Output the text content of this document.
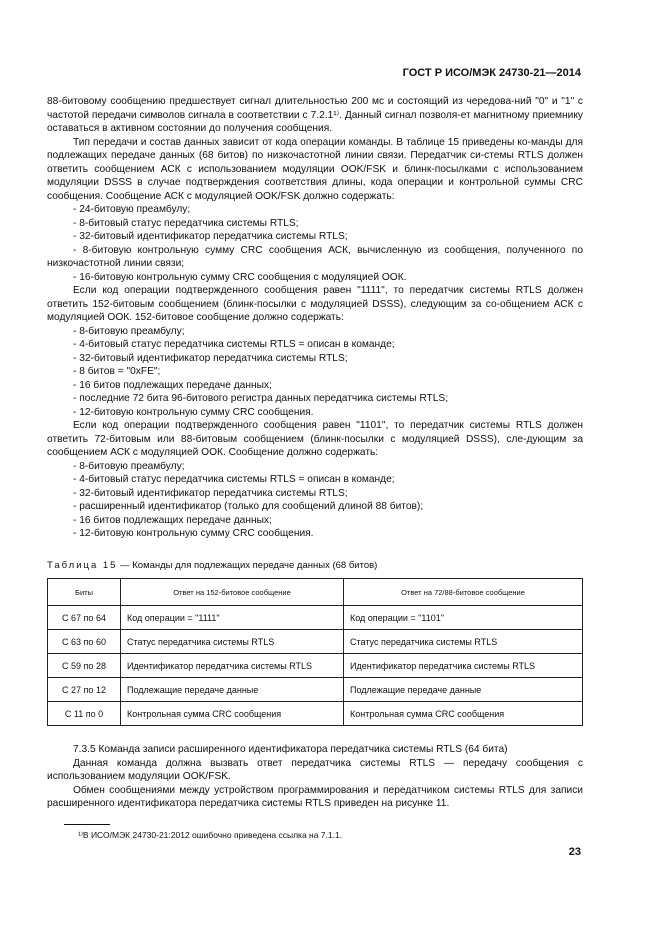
ГОСТ Р ИСО/МЭК 24730-21—2014

88-битовому сообщению предшествует сигнал длительностью 200 мс и состоящий из чередова-ний "0" и "1" с частотой передачи символов сигнала в соответствии с 7.2.1¹⁾. Данный сигнал позволя-ет магнитному приемнику оставаться в активном состоянии до получения сообщения.

Тип передачи и состав данных зависит от кода операции команды. В таблице 15 приведены ко-манды для подлежащих передаче данных (68 битов) по низкочастотной линии связи. Передатчик си-стемы RTLS должен ответить сообщением АСК с использованием модуляции OOK/FSK и блинк-посылками с использованием модуляции DSSS в случае подтверждения соответствия длины, кода операции и контрольной суммы CRC сообщения. Сообщение АСК с модуляцией OOK/FSK должно содержать:

- 24-битовую преамбулу;

- 8-битовый статус передатчика системы RTLS;

- 32-битовый идентификатор передатчика системы RTLS;

- 8-битовую контрольную сумму CRC сообщения АСК, вычисленную из сообщения, полученного по низкочастотной линии связи;

- 16-битовую контрольную сумму CRC сообщения с модуляцией ООК.

Если код операции подтвержденного сообщения равен "1111", то передатчик системы RTLS должен ответить 152-битовым сообщением (блинк-посылки с модуляцией DSSS), следующим за со-общением АСК с модуляцией ООК. 152-битовое сообщение должно содержать:

- 8-битовую преамбулу;

- 4-битовый статус передатчика системы RTLS = описан в команде;

- 32-битовый идентификатор передатчика системы RTLS;

- 8 битов = "0xFE";

- 16 битов подлежащих передаче данных;

- последние 72 бита 96-битового регистра данных передатчика системы RTLS;

- 12-битовую контрольную сумму CRC сообщения.

Если код операции подтвержденного сообщения равен "1101", то передатчик системы RTLS должен ответить 72-битовым или 88-битовым сообщением (блинк-посылки с модуляцией DSSS), сле-дующим за сообщением АСК с модуляцией ООК. Сообщение должно содержать:

- 8-битовую преамбулу;

- 4-битовый статус передатчика системы RTLS = описан в команде;

- 32-битовый идентификатор передатчика системы RTLS;

- расширенный идентификатор (только для сообщений длиной 88 битов);

- 16 битов подлежащих передаче данных;

- 12-битовую контрольную сумму CRC сообщения.

Таблица 15 — Команды для подлежащих передаче данных (68 битов)
Биты	Ответ на 152-битовое сообщение	Ответ на 72/88-битовое сообщение
С 67 по 64	Код операции = "1111"	Код операции = "1101"
С 63 по 60	Статус передатчика системы RTLS	Статус передатчика системы RTLS
С 59 по 28	Идентификатор передатчика системы RTLS	Идентификатор передатчика системы RTLS
С 27 по 12	Подлежащие передаче данные	Подлежащие передаче данные
С 11 по 0	Контрольная сумма CRC сообщения	Контрольная сумма CRC сообщения

7.3.5 Команда записи расширенного идентификатора передатчика системы RTLS (64 бита)

Данная команда должна вызвать ответ передатчика системы RTLS — передачу сообщения с использованием модуляции OOK/FSK.

Обмен сообщениями между устройством программирования и передатчиком системы RTLS для записи расширенного идентификатора передатчика системы RTLS приведен на рисунке 11.

¹⁾В ИСО/МЭК 24730-21:2012 ошибочно приведена ссылка на 7.1.1.
23
